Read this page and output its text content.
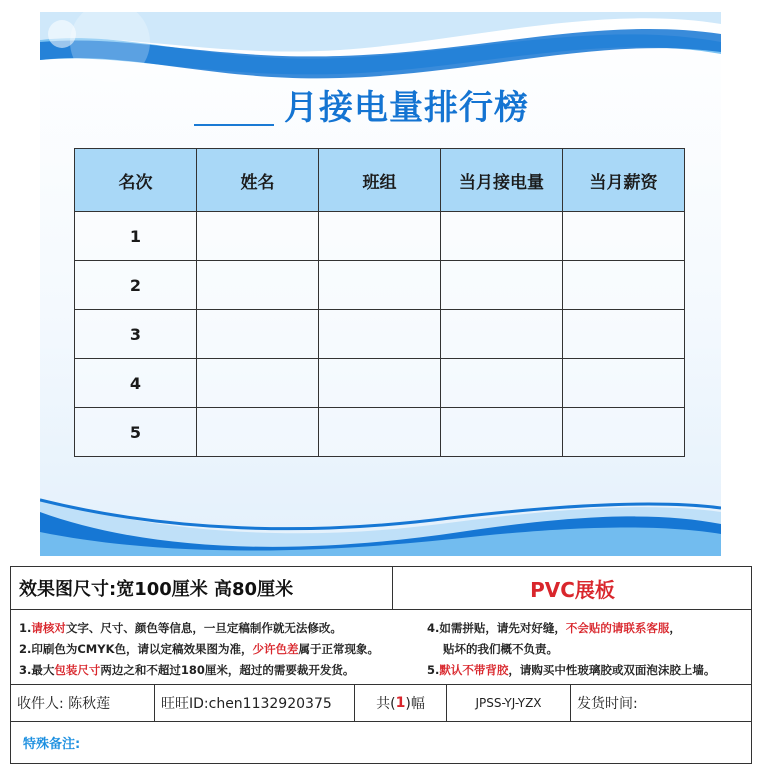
月接电量排行榜
名次	姓名	班组	当月接电量	当月薪资
1				
2				
3				
4				
5				
效果图尺寸:宽100厘米 高80厘米	PVC展板
1.请核对文字、尺寸、颜色等信息，一旦定稿制作就无法修改。
2.印刷色为CMYK色，请以定稿效果图为准，少许色差属于正常现象。
3.最大包装尺寸两边之和不超过180厘米，超过的需要裁开发货。
4.如需拼贴，请先对好缝，不会贴的请联系客服，
贴坏的我们概不负责。
5.默认不带背胶，请购买中性玻璃胶或双面泡沫胶上墙。
收件人: 陈秋莲	旺旺ID:chen1132920375	共( 1 )幅	JPSS-YJ-YZX	发货时间:
特殊备注:
